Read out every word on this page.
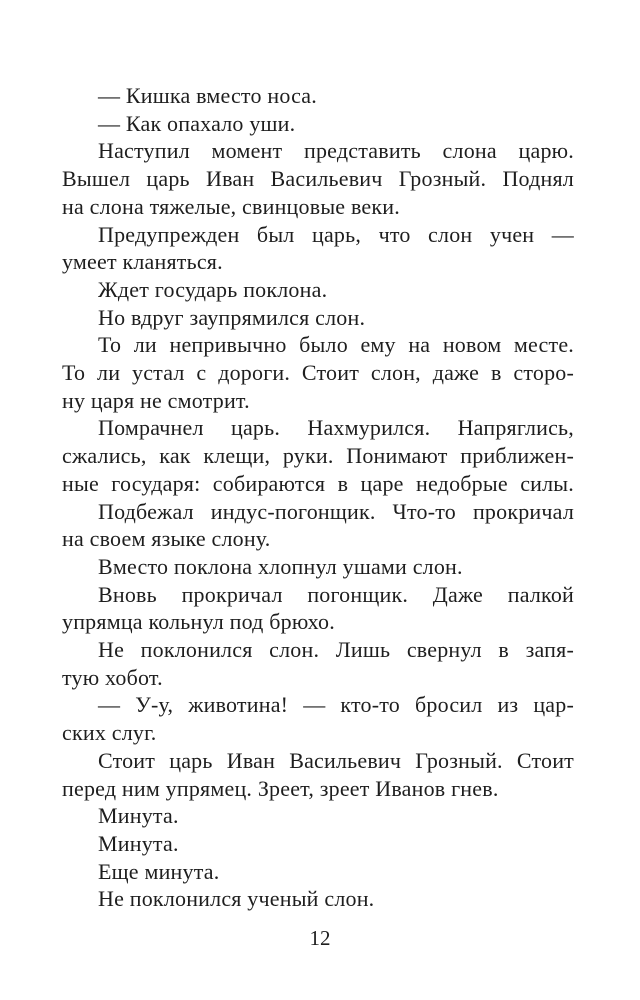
— Кишка вместо носа.
— Как опахало уши.
Наступил момент представить слона царю.
Вышел царь Иван Васильевич Грозный. Поднял
на слона тяжелые, свинцовые веки.
Предупрежден был царь, что слон учен —
умеет кланяться.
Ждет государь поклона.
Но вдруг заупрямился слон.
То ли непривычно было ему на новом месте.
То ли устал с дороги. Стоит слон, даже в сторо-
ну царя не смотрит.
Помрачнел царь. Нахмурился. Напряглись,
сжались, как клещи, руки. Понимают приближен-
ные государя: собираются в царе недобрые силы.
Подбежал индус-погонщик. Что-то прокричал
на своем языке слону.
Вместо поклона хлопнул ушами слон.
Вновь прокричал погонщик. Даже палкой
упрямца кольнул под брюхо.
Не поклонился слон. Лишь свернул в запя-
тую хобот.
— У-у, животина! — кто-то бросил из цар-
ских слуг.
Стоит царь Иван Васильевич Грозный. Стоит
перед ним упрямец. Зреет, зреет Иванов гнев.
Минута.
Минута.
Еще минута.
Не поклонился ученый слон.
12
